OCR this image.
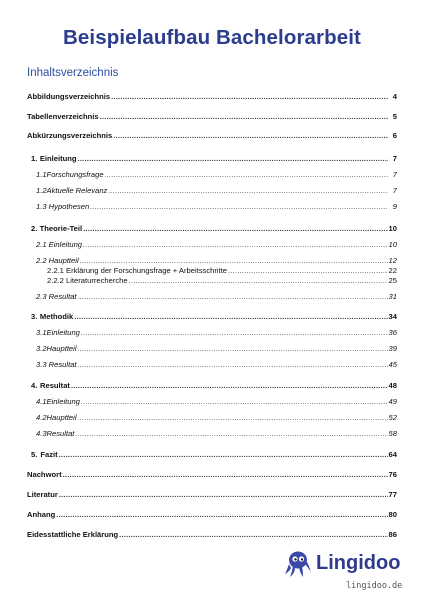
Beispielaufbau Bachelorarbeit
Inhaltsverzeichnis
Abbildungsverzeichnis .....	4
Tabellenverzeichnis .....	5
Abkürzungsverzeichnis .....	6
1. Einleitung .....	7
1.1Forschungsfrage .....	7
1.2Aktuelle Relevanz .....	7
1.3 Hypothesen .....	9
2. Theorie-Teil .....	10
2.1 Einleitung .....	10
2.2 Hauptteil .....	12
2.2.1 Erklärung der Forschungsfrage + Arbeitsschritte .....	22
2.2.2 Literaturrecherche .....	25
2.3 Resultat .....	31
3. Methodik .....	34
3.1Einleitung .....	36
3.2Hauptteil .....	39
3.3 Resultat .....	45
4. Resultat .....	48
4.1Einleitung .....	49
4.2Hauptteil .....	52
4.3Resultat .....	58
5. Fazit .....	64
Nachwort .....	76
Literatur .....	77
Anhang .....	80
Eidesstattliche Erklärung .....	86
Lingidoo
lingidoo.de
